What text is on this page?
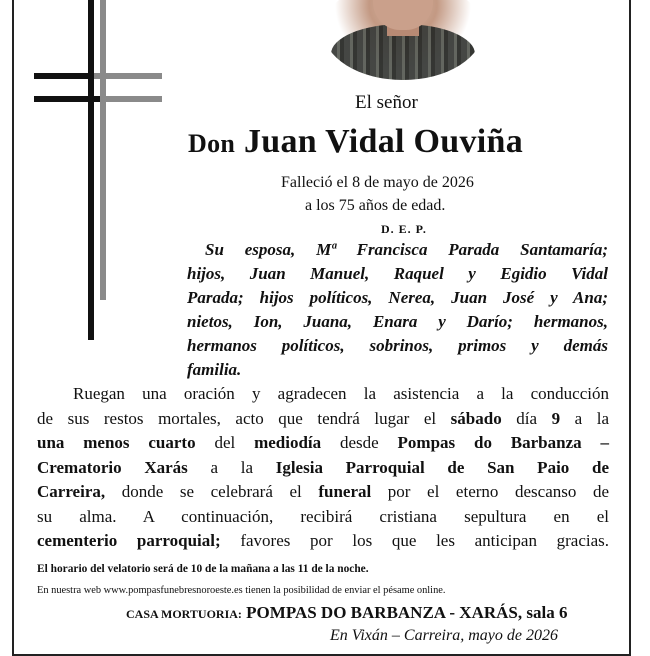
El señor
Don Juan Vidal Ouviña
Falleció el 8 de mayo de 2026
a los 75 años de edad.
D. E. P.
Su esposa, Mª Francisca Parada Santamaría;
hijos, Juan Manuel, Raquel y Egidio Vidal
Parada; hijos políticos, Nerea, Juan José y Ana;
nietos, Ion, Juana, Enara y Darío; hermanos,
hermanos políticos, sobrinos, primos y demás
familia.
Ruegan una oración y agradecen la asistencia a la conducción
de sus restos mortales, acto que tendrá lugar el sábado día 9 a la
una menos cuarto del mediodía desde Pompas do Barbanza –
Crematorio Xarás a la Iglesia Parroquial de San Paio de
Carreira, donde se celebrará el funeral por el eterno descanso de
su alma. A continuación, recibirá cristiana sepultura en el
cementerio parroquial; favores por los que les anticipan gracias.
El horario del velatorio será de 10 de la mañana a las 11 de la noche.
En nuestra web www.pompasfunebresnoroeste.es tienen la posibilidad de enviar el pésame online.
CASA MORTUORIA: POMPAS DO BARBANZA - XARÁS, sala 6
En Vixán – Carreira, mayo de 2026
